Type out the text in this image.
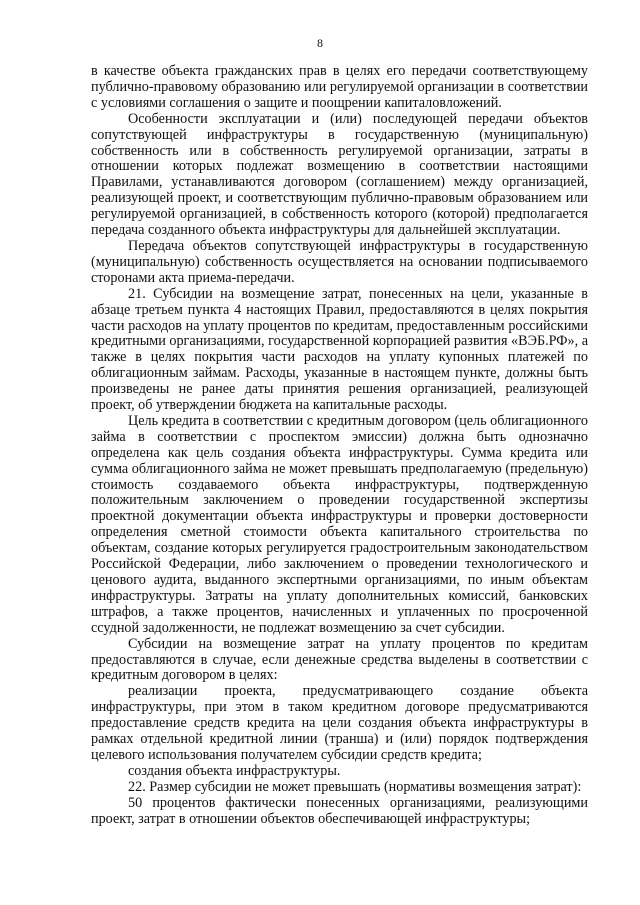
8

в качестве объекта гражданских прав в целях его передачи соответствующему публично-правовому образованию или регулируемой организации в соответствии с условиями соглашения о защите и поощрении капиталовложений.

Особенности эксплуатации и (или) последующей передачи объектов сопутствующей инфраструктуры в государственную (муниципальную) собственность или в собственность регулируемой организации, затраты в отношении которых подлежат возмещению в соответствии настоящими Правилами, устанавливаются договором (соглашением) между организацией, реализующей проект, и соответствующим публично-правовым образованием или регулируемой организацией, в собственность которого (которой) предполагается передача созданного объекта инфраструктуры для дальнейшей эксплуатации.

Передача объектов сопутствующей инфраструктуры в государственную (муниципальную) собственность осуществляется на основании подписываемого сторонами акта приема-передачи.

21. Субсидии на возмещение затрат, понесенных на цели, указанные в абзаце третьем пункта 4 настоящих Правил, предоставляются в целях покрытия части расходов на уплату процентов по кредитам, предоставленным российскими кредитными организациями, государственной корпорацией развития «ВЭБ.РФ», а также в целях покрытия части расходов на уплату купонных платежей по облигационным займам. Расходы, указанные в настоящем пункте, должны быть произведены не ранее даты принятия решения организацией, реализующей проект, об утверждении бюджета на капитальные расходы.

Цель кредита в соответствии с кредитным договором (цель облигационного займа в соответствии с проспектом эмиссии) должна быть однозначно определена как цель создания объекта инфраструктуры. Сумма кредита или сумма облигационного займа не может превышать предполагаемую (предельную) стоимость создаваемого объекта инфраструктуры, подтвержденную положительным заключением о проведении государственной экспертизы проектной документации объекта инфраструктуры и проверки достоверности определения сметной стоимости объекта капитального строительства по объектам, создание которых регулируется градостроительным законодательством Российской Федерации, либо заключением о проведении технологического и ценового аудита, выданного экспертными организациями, по иным объектам инфраструктуры. Затраты на уплату дополнительных комиссий, банковских штрафов, а также процентов, начисленных и уплаченных по просроченной ссудной задолженности, не подлежат возмещению за счет субсидии.

Субсидии на возмещение затрат на уплату процентов по кредитам предоставляются в случае, если денежные средства выделены в соответствии с кредитным договором в целях:

реализации проекта, предусматривающего создание объекта инфраструктуры, при этом в таком кредитном договоре предусматриваются предоставление средств кредита на цели создания объекта инфраструктуры в рамках отдельной кредитной линии (транша) и (или) порядок подтверждения целевого использования получателем субсидии средств кредита;

создания объекта инфраструктуры.

22. Размер субсидии не может превышать (нормативы возмещения затрат):

50 процентов фактически понесенных организациями, реализующими проект, затрат в отношении объектов обеспечивающей инфраструктуры;
